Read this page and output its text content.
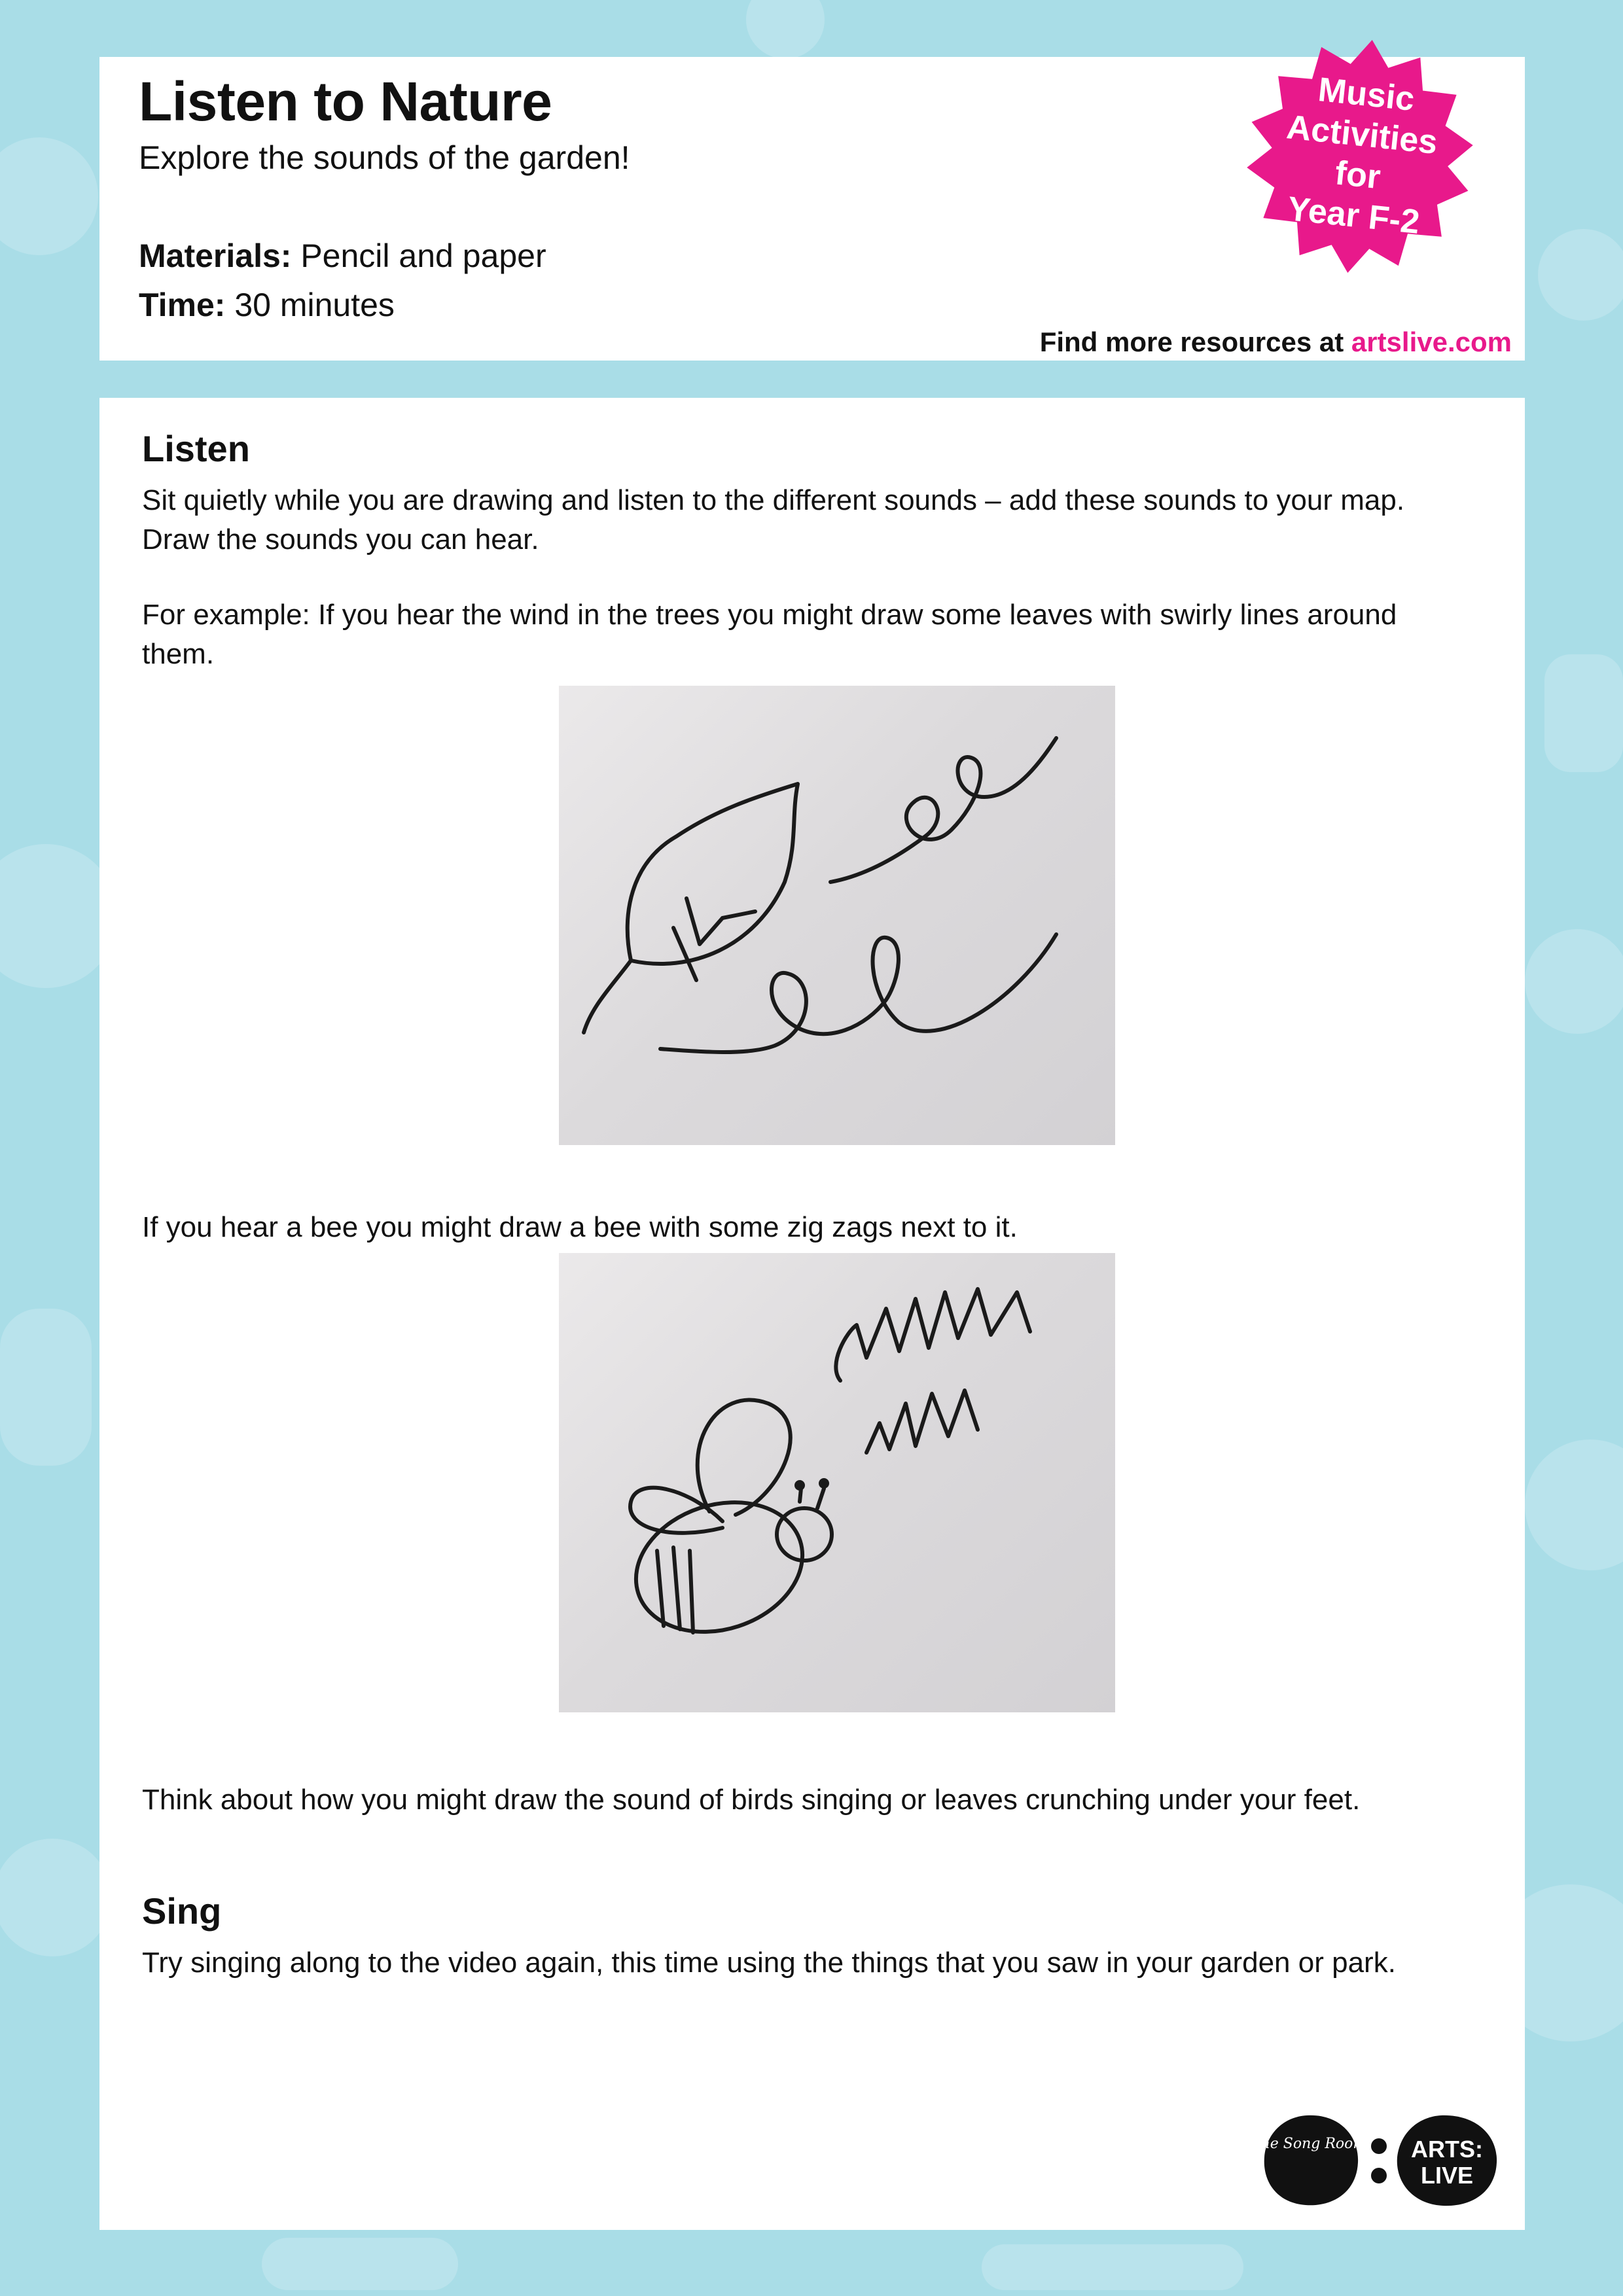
Listen to Nature

Explore the sounds of the garden!

Materials: Pencil and paper

Time: 30 minutes

Find more resources at artslive.com

Music
Activities
for
Year F-2
Listen

Sit quietly while you are drawing and listen to the different sounds – add these sounds to your map.
Draw the sounds you can hear.

For example: If you hear the wind in the trees you might draw some leaves with swirly lines around
them.

If you hear a bee you might draw a bee with some zig zags next to it.

Think about how you might draw the sound of birds singing or leaves crunching under your feet.

Sing

Try singing along to the video again, this time using the things that you saw in your garden or park.

the Song Room ARTS:
LIVE
